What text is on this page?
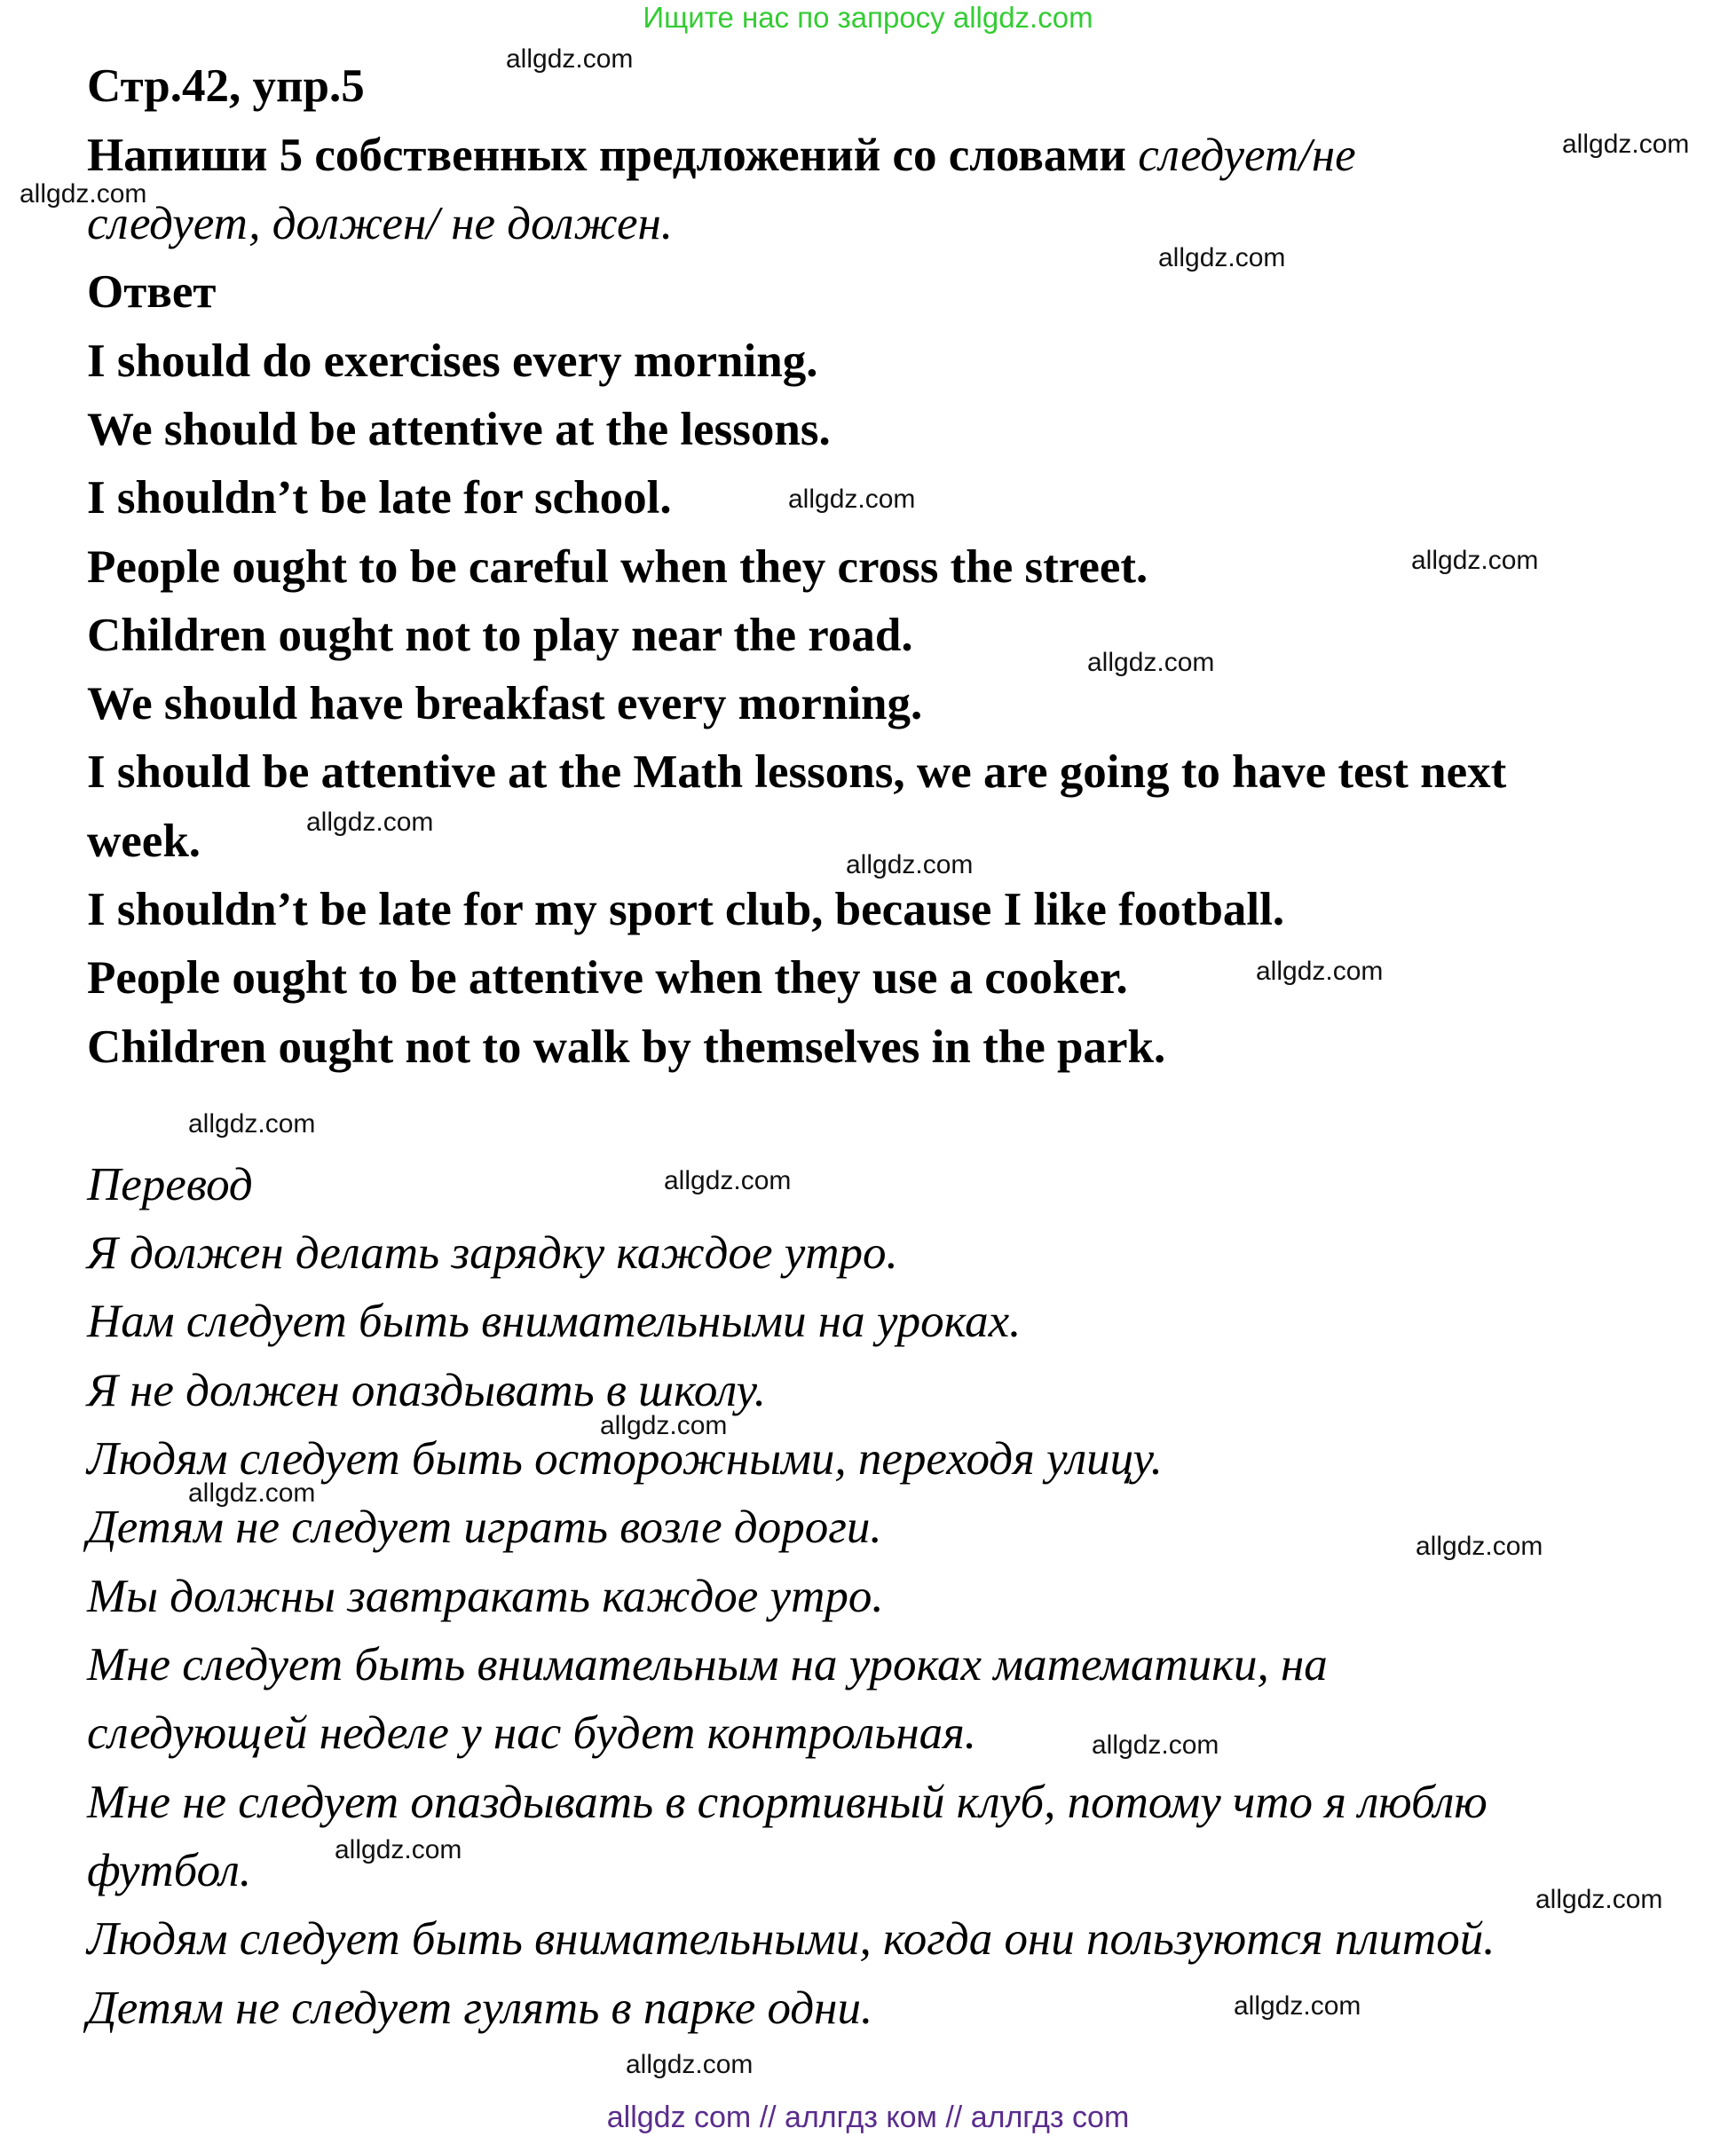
Ищите нас по запросу allgdz.com
Стр.42, упр.5
Напиши 5 собственных предложений со словами следует/не
следует, должен/ не должен.
Ответ
I should do exercises every morning.
We should be attentive at the lessons.
I shouldn’t be late for school.
People ought to be careful when they cross the street.
Children ought not to play near the road.
We should have breakfast every morning.
I should be attentive at the Math lessons, we are going to have test next
week.
I shouldn’t be late for my sport club, because I like football.
People ought to be attentive when they use a cooker.
Children ought not to walk by themselves in the park.
Перевод
Я должен делать зарядку каждое утро.
Нам следует быть внимательными на уроках.
Я не должен опаздывать в школу.
Людям следует быть осторожными, переходя улицу.
Детям не следует играть возле дороги.
Мы должны завтракать каждое утро.
Мне следует быть внимательным на уроках математики, на
следующей неделе у нас будет контрольная.
Мне не следует опаздывать в спортивный клуб, потому что я люблю
футбол.
Людям следует быть внимательными, когда они пользуются плитой.
Детям не следует гулять в парке одни.
allgdz.com
allgdz.com
allgdz.com
allgdz.com
allgdz.com
allgdz.com
allgdz.com
allgdz.com
allgdz.com
allgdz.com
allgdz.com
allgdz.com
allgdz.com
allgdz.com
allgdz.com
allgdz.com
allgdz.com
allgdz.com
allgdz.com
allgdz.com
allgdz com // аллгдз ком // аллгдз com
